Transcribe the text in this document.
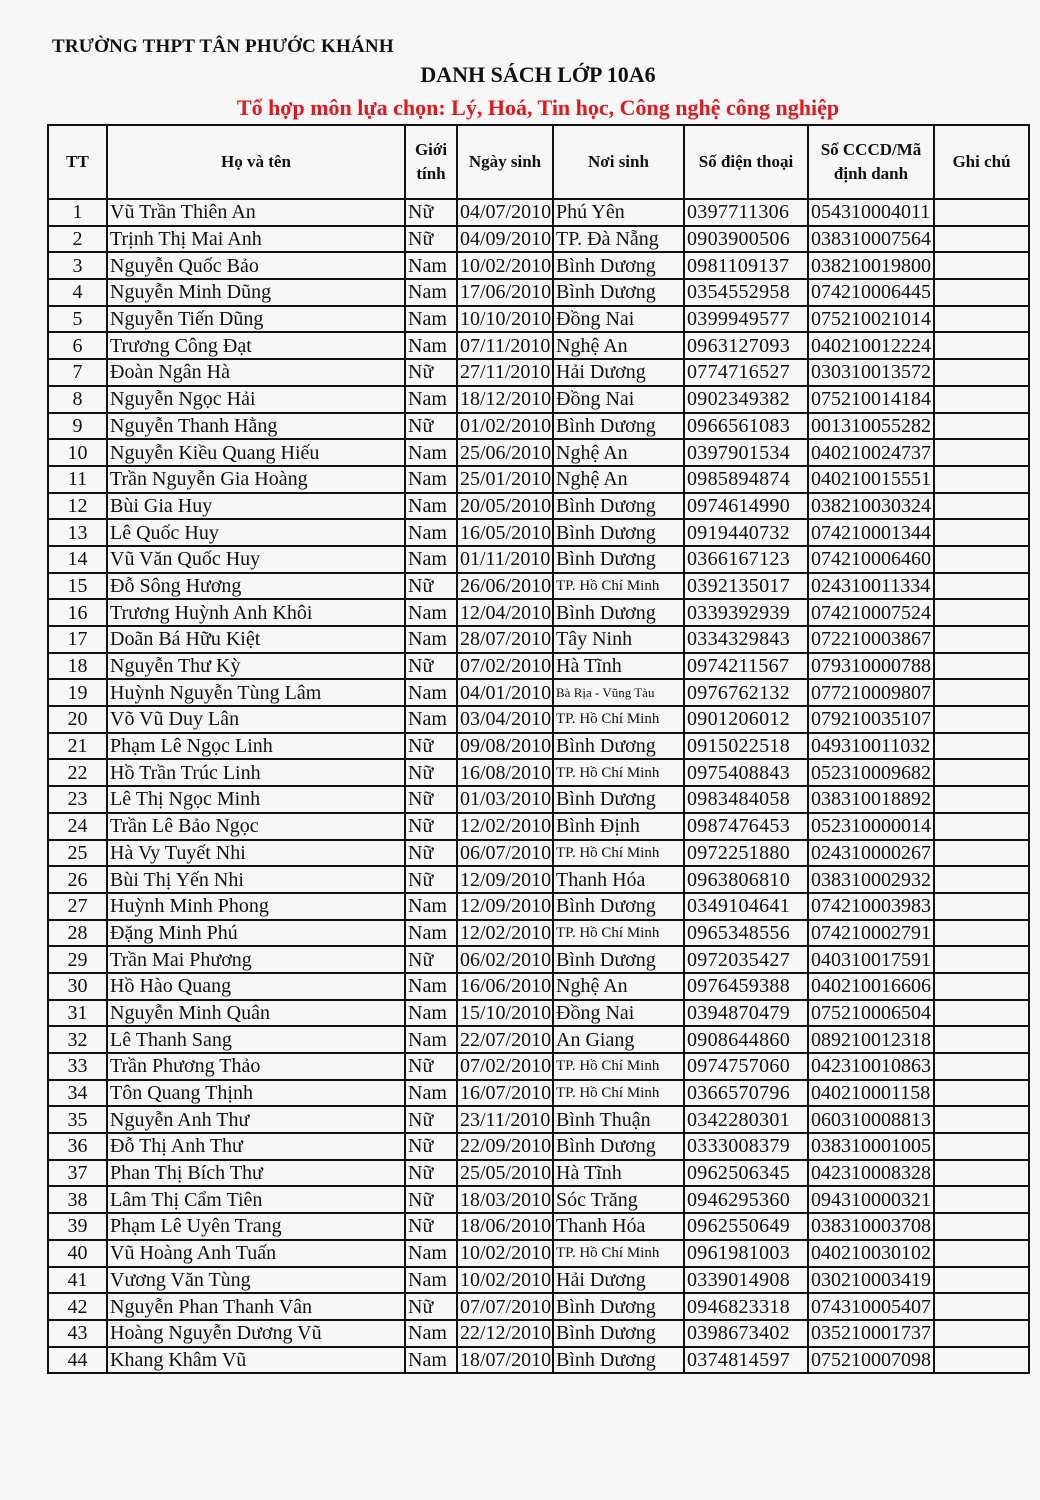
TRƯỜNG THPT TÂN PHƯỚC KHÁNH
DANH SÁCH LỚP 10A6
Tổ hợp môn lựa chọn: Lý, Hoá, Tin học, Công nghệ công nghiệp
TT	Họ và tên	Giới tính	Ngày sinh	Nơi sinh	Số điện thoại	Số CCCD/Mã định danh	Ghi chú
1	Vũ Trần Thiên An	Nữ	04/07/2010	Phú Yên	0397711306	054310004011	
2	Trịnh Thị Mai Anh	Nữ	04/09/2010	TP. Đà Nẵng	0903900506	038310007564	
3	Nguyễn Quốc Bảo	Nam	10/02/2010	Bình Dương	0981109137	038210019800	
4	Nguyễn Minh Dũng	Nam	17/06/2010	Bình Dương	0354552958	074210006445	
5	Nguyễn Tiến Dũng	Nam	10/10/2010	Đồng Nai	0399949577	075210021014	
6	Trương Công Đạt	Nam	07/11/2010	Nghệ An	0963127093	040210012224	
7	Đoàn Ngân Hà	Nữ	27/11/2010	Hải Dương	0774716527	030310013572	
8	Nguyễn Ngọc Hải	Nam	18/12/2010	Đồng Nai	0902349382	075210014184	
9	Nguyễn Thanh Hằng	Nữ	01/02/2010	Bình Dương	0966561083	001310055282	
10	Nguyễn Kiều Quang Hiếu	Nam	25/06/2010	Nghệ An	0397901534	040210024737	
11	Trần Nguyễn Gia Hoàng	Nam	25/01/2010	Nghệ An	0985894874	040210015551	
12	Bùi Gia Huy	Nam	20/05/2010	Bình Dương	0974614990	038210030324	
13	Lê Quốc Huy	Nam	16/05/2010	Bình Dương	0919440732	074210001344	
14	Vũ Văn Quốc Huy	Nam	01/11/2010	Bình Dương	0366167123	074210006460	
15	Đỗ Sông Hương	Nữ	26/06/2010	TP. Hồ Chí Minh	0392135017	024310011334	
16	Trương Huỳnh Anh Khôi	Nam	12/04/2010	Bình Dương	0339392939	074210007524	
17	Doãn Bá Hữu Kiệt	Nam	28/07/2010	Tây Ninh	0334329843	072210003867	
18	Nguyễn Thư Kỳ	Nữ	07/02/2010	Hà Tĩnh	0974211567	079310000788	
19	Huỳnh Nguyễn Tùng Lâm	Nam	04/01/2010	Bà Rịa - Vũng Tàu	0976762132	077210009807	
20	Võ Vũ Duy Lân	Nam	03/04/2010	TP. Hồ Chí Minh	0901206012	079210035107	
21	Phạm Lê Ngọc Linh	Nữ	09/08/2010	Bình Dương	0915022518	049310011032	
22	Hồ Trần Trúc Linh	Nữ	16/08/2010	TP. Hồ Chí Minh	0975408843	052310009682	
23	Lê Thị Ngọc Minh	Nữ	01/03/2010	Bình Dương	0983484058	038310018892	
24	Trần Lê Bảo Ngọc	Nữ	12/02/2010	Bình Định	0987476453	052310000014	
25	Hà Vy Tuyết Nhi	Nữ	06/07/2010	TP. Hồ Chí Minh	0972251880	024310000267	
26	Bùi Thị Yến Nhi	Nữ	12/09/2010	Thanh Hóa	0963806810	038310002932	
27	Huỳnh Minh Phong	Nam	12/09/2010	Bình Dương	0349104641	074210003983	
28	Đặng Minh Phú	Nam	12/02/2010	TP. Hồ Chí Minh	0965348556	074210002791	
29	Trần Mai Phương	Nữ	06/02/2010	Bình Dương	0972035427	040310017591	
30	Hồ Hào Quang	Nam	16/06/2010	Nghệ An	0976459388	040210016606	
31	Nguyễn Minh Quân	Nam	15/10/2010	Đồng Nai	0394870479	075210006504	
32	Lê Thanh Sang	Nam	22/07/2010	An Giang	0908644860	089210012318	
33	Trần Phương Thảo	Nữ	07/02/2010	TP. Hồ Chí Minh	0974757060	042310010863	
34	Tôn Quang Thịnh	Nam	16/07/2010	TP. Hồ Chí Minh	0366570796	040210001158	
35	Nguyễn Anh Thư	Nữ	23/11/2010	Bình Thuận	0342280301	060310008813	
36	Đỗ Thị Anh Thư	Nữ	22/09/2010	Bình Dương	0333008379	038310001005	
37	Phan Thị Bích Thư	Nữ	25/05/2010	Hà Tĩnh	0962506345	042310008328	
38	Lâm Thị Cẩm Tiên	Nữ	18/03/2010	Sóc Trăng	0946295360	094310000321	
39	Phạm Lê Uyên Trang	Nữ	18/06/2010	Thanh Hóa	0962550649	038310003708	
40	Vũ Hoàng Anh Tuấn	Nam	10/02/2010	TP. Hồ Chí Minh	0961981003	040210030102	
41	Vương Văn Tùng	Nam	10/02/2010	Hải Dương	0339014908	030210003419	
42	Nguyễn Phan Thanh Vân	Nữ	07/07/2010	Bình Dương	0946823318	074310005407	
43	Hoàng Nguyễn Dương Vũ	Nam	22/12/2010	Bình Dương	0398673402	035210001737	
44	Khang Khâm Vũ	Nam	18/07/2010	Bình Dương	0374814597	075210007098	
